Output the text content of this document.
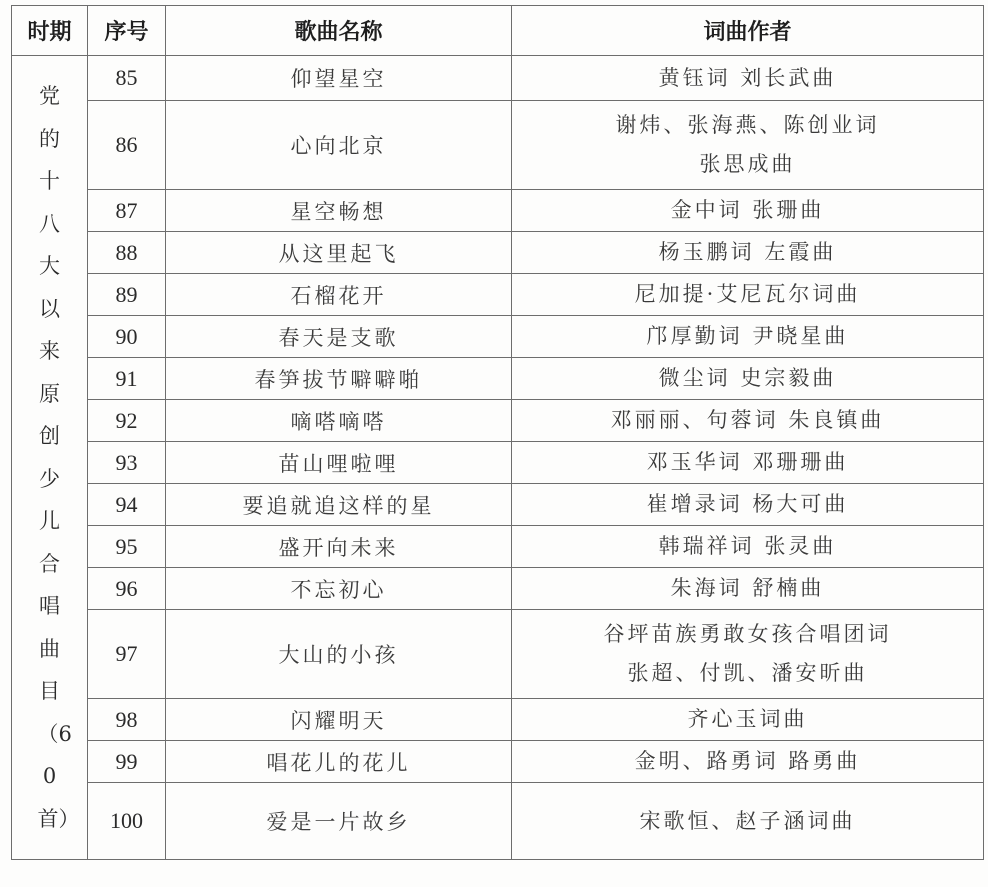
时期	序号	歌曲名称	词曲作者

党的十八大以来原创少儿合唱曲目（60首）	85	仰望星空	黄钰词 刘长武曲

	86	心向北京	谢炜、张海燕、陈创业词
张思成曲

	87	星空畅想	金中词 张珊曲

	88	从这里起飞	杨玉鹏词 左霞曲

	89	石榴花开	尼加提·艾尼瓦尔词曲

	90	春天是支歌	邝厚勤词 尹晓星曲

	91	春笋拔节噼噼啪	微尘词 史宗毅曲

	92	嘀嗒嘀嗒	邓丽丽、句蓉词 朱良镇曲

	93	苗山哩啦哩	邓玉华词 邓珊珊曲

	94	要追就追这样的星	崔增录词 杨大可曲

	95	盛开向未来	韩瑞祥词 张灵曲

	96	不忘初心	朱海词 舒楠曲

	97	大山的小孩	谷坪苗族勇敢女孩合唱团词
张超、付凯、潘安昕曲

	98	闪耀明天	齐心玉词曲

	99	唱花儿的花儿	金明、路勇词 路勇曲

	100	爱是一片故乡	宋歌恒、赵子涵词曲
